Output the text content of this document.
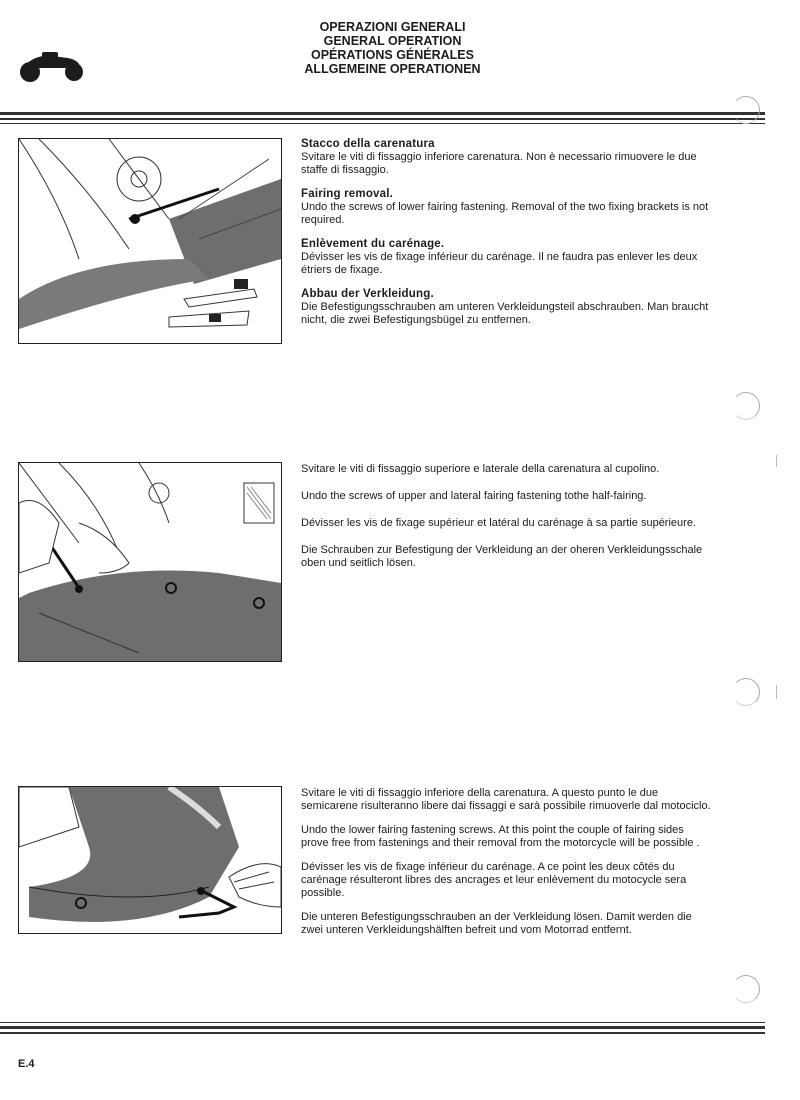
OPERAZIONI GENERALI
GENERAL OPERATION
OPÉRATIONS GÉNÉRALES
ALLGEMEINE OPERATIONEN
Stacco della carenatura

Svitare le viti di fissaggio inferiore carenatura. Non è necessario rimuovere le due staffe di fissaggio.

Fairing removal.

Undo the screws of lower fairing fastening. Removal of the two fixing brackets is not required.

Enlèvement du carénage.

Dévisser les vis de fixage inférieur du carénage. Il ne faudra pas enlever les deux étriers de fixage.

Abbau der Verkleidung.

Die Befestigungsschrauben am unteren Verkleidungsteil abschrauben. Man braucht nicht, die zwei Befestigungsbügel zu entfernen.

Svitare le viti di fissaggio superiore e laterale della carenatura al cupolino.

Undo the screws of upper and lateral fairing fastening tothe half-fairing.

Dévisser les vis de fixage supérieur et latéral du carénage à sa partie supérieure.

Die Schrauben zur Befestigung der Verkleidung an der oheren Verkleidungsschale oben und seitlich lösen.

Svitare le viti di fissaggio inferiore della carenatura. A questo punto le due semicarene risulteranno libere dai fissaggi e sarà possibile rimuoverle dal motociclo.

Undo the lower fairing fastening screws. At this point the couple of fairing sides prove free from fastenings and their removal from the motorcycle will be possible .

Dévisser les vis de fixage inférieur du carénage. A ce point les deux côtés du carénage résulteront libres des ancrages et leur enlèvement du motocycle sera possible.

Die unteren Befestigungsschrauben an der Verkleidung lösen. Damit werden die zwei unteren Verkleidungshälften befreit und vom Motorrad entfernt.

E.4
